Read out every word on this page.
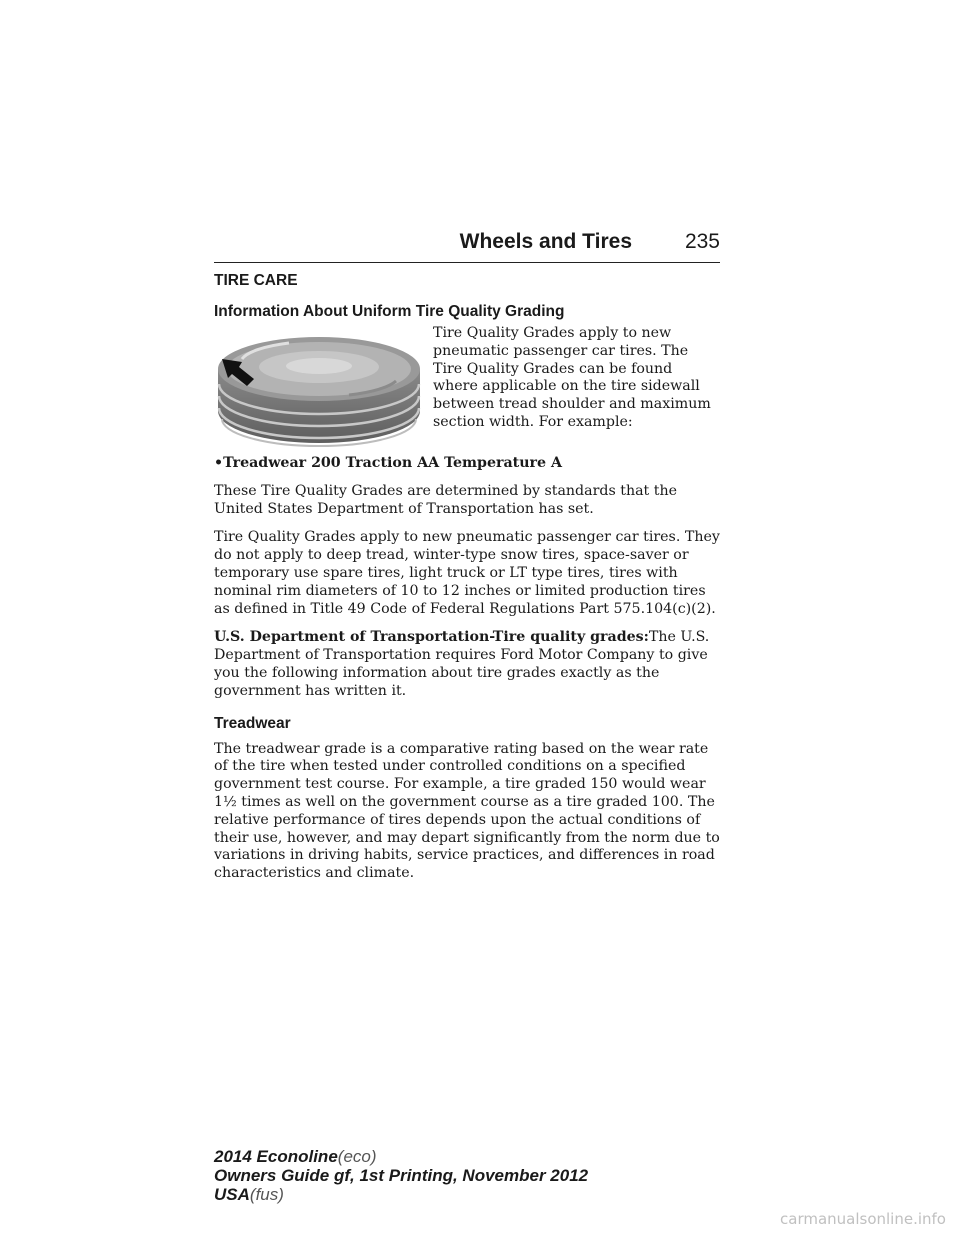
Wheels and Tires	235
TIRE CARE
Information About Uniform Tire Quality Grading
Tire Quality Grades apply to new pneumatic passenger car tires. The Tire Quality Grades can be found where applicable on the tire sidewall between tread shoulder and maximum section width. For example:
•Treadwear 200 Traction AA Temperature A

These Tire Quality Grades are determined by standards that the United States Department of Transportation has set.

Tire Quality Grades apply to new pneumatic passenger car tires. They do not apply to deep tread, winter-type snow tires, space-saver or temporary use spare tires, light truck or LT type tires, tires with nominal rim diameters of 10 to 12 inches or limited production tires as defined in Title 49 Code of Federal Regulations Part 575.104(c)(2).

U.S. Department of Transportation-Tire quality grades:The U.S. Department of Transportation requires Ford Motor Company to give you the following information about tire grades exactly as the government has written it.

Treadwear

The treadwear grade is a comparative rating based on the wear rate of the tire when tested under controlled conditions on a specified government test course. For example, a tire graded 150 would wear 1½ times as well on the government course as a tire graded 100. The relative performance of tires depends upon the actual conditions of their use, however, and may depart significantly from the norm due to variations in driving habits, service practices, and differences in road characteristics and climate.

2014 Econoline(eco)
Owners Guide gf, 1st Printing, November 2012
USA(fus)
carmanualsonline.info
